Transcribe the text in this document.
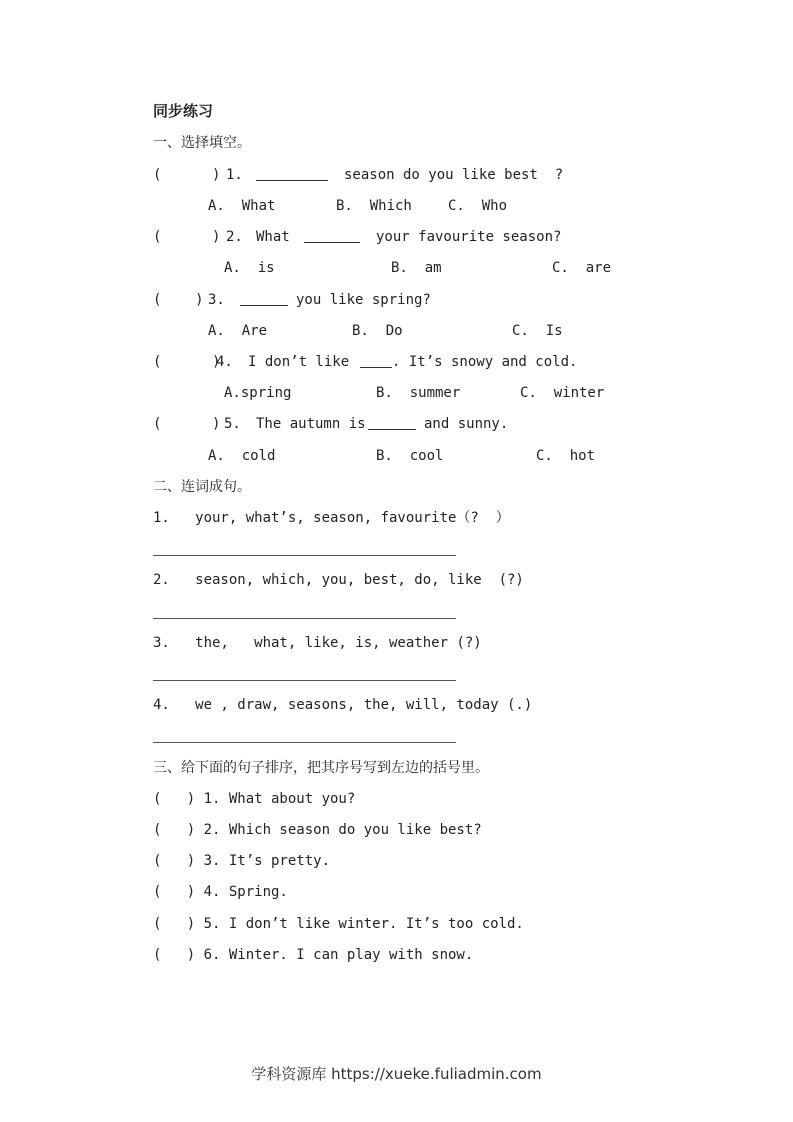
同步练习
一、选择填空。
(      ) 1.	season do you like best  ?
A.  What	B.  Which	C.  Who
(      ) 2. What	your favourite season?
A.  is	B.  am	C.  are
(    ) 3.	you like spring?
A.  Are	B.  Do	C.  Is
(      )
4. I don’t like	. It’s snowy and cold.
A.spring	B.  summer	C.  winter
(      ) 5. The autumn is	and sunny.
A.  cold	B.  cool	C.  hot
二、连词成句。
1.   your, what’s, season, favourite（?  ）
2.   season, which, you, best, do, like  (?)
3.   the,   what, like, is, weather (?)
4.   we , draw, seasons, the, will, today (.)
三、给下面的句子排序，把其序号写到左边的括号里。
(   ) 1. What about you?
(   ) 2. Which season do you like best?
(   ) 3. It’s pretty.
(   ) 4. Spring.
(   ) 5. I don’t like winter. It’s too cold.
(   ) 6. Winter. I can play with snow.
学科资源库 https://xueke.fuliadmin.com
